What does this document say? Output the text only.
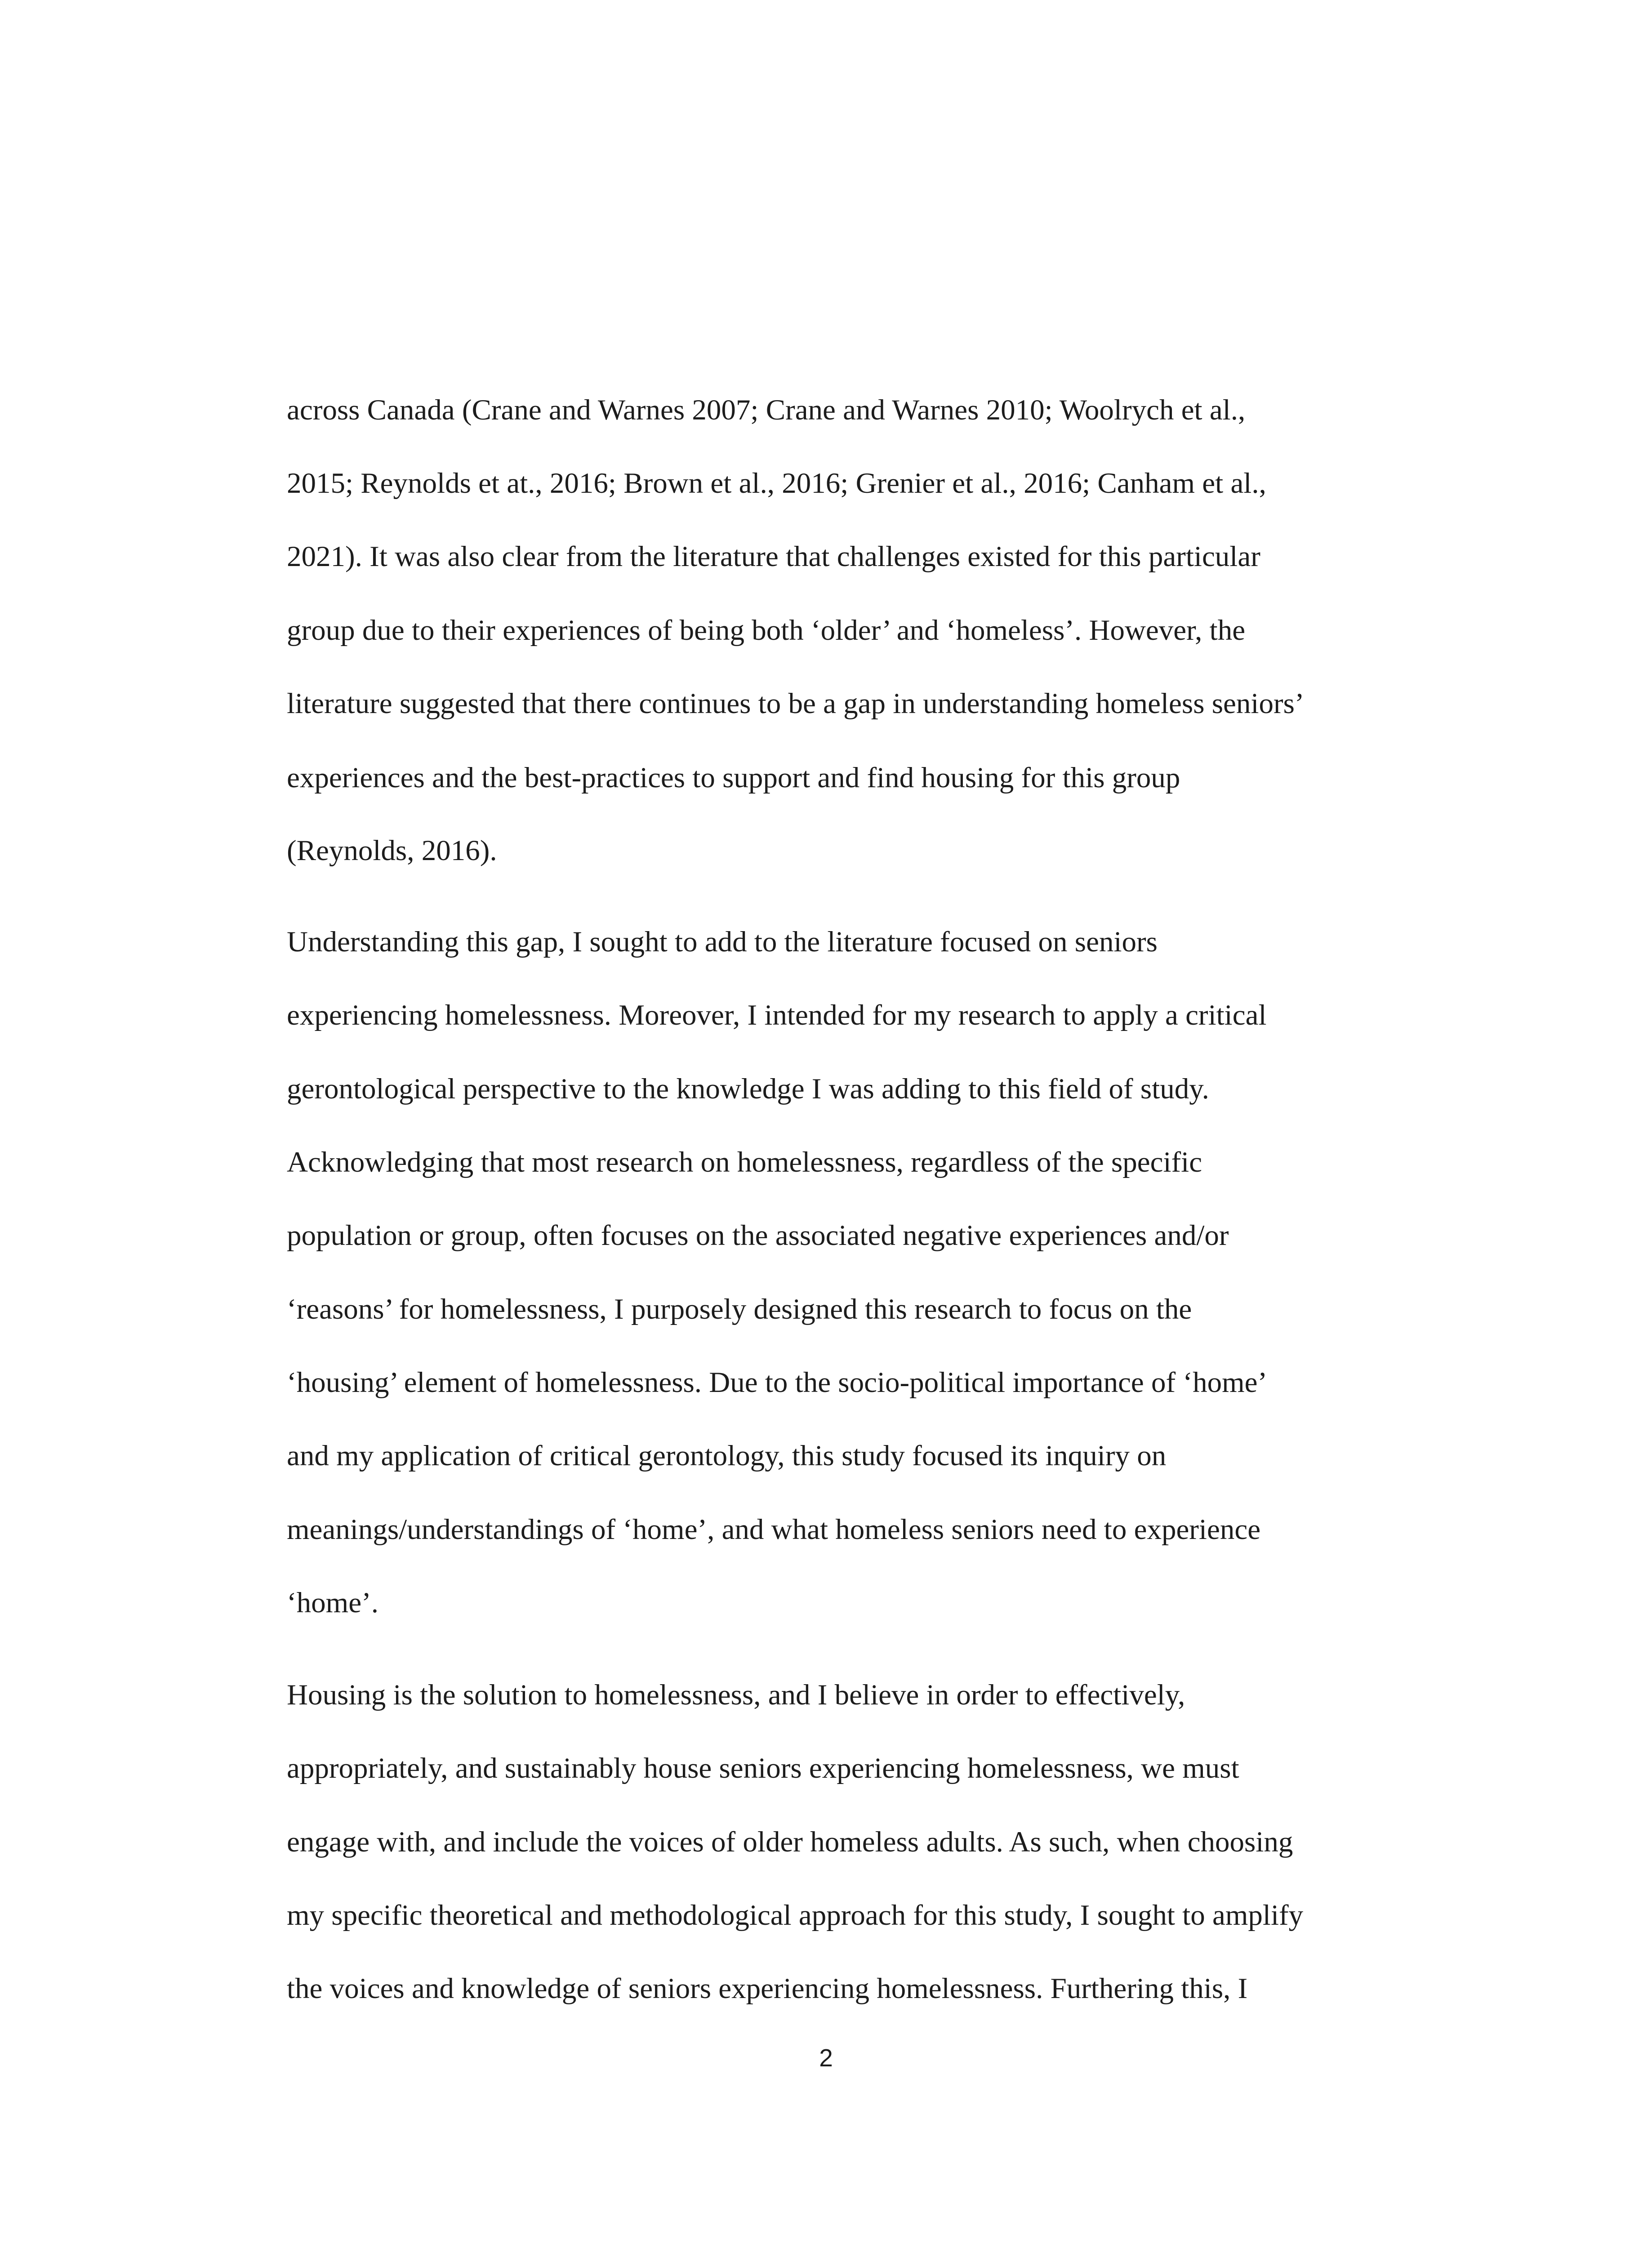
across Canada (Crane and Warnes 2007; Crane and Warnes 2010; Woolrych et al.,
2015; Reynolds et at., 2016; Brown et al., 2016; Grenier et al., 2016; Canham et al.,
2021). It was also clear from the literature that challenges existed for this particular
group due to their experiences of being both ‘older’ and ‘homeless’. However, the
literature suggested that there continues to be a gap in understanding homeless seniors’
experiences and the best-practices to support and find housing for this group
(Reynolds, 2016).
Understanding this gap, I sought to add to the literature focused on seniors
experiencing homelessness. Moreover, I intended for my research to apply a critical
gerontological perspective to the knowledge I was adding to this field of study.
Acknowledging that most research on homelessness, regardless of the specific
population or group, often focuses on the associated negative experiences and/or
‘reasons’ for homelessness, I purposely designed this research to focus on the
‘housing’ element of homelessness. Due to the socio-political importance of ‘home’
and my application of critical gerontology, this study focused its inquiry on
meanings/understandings of ‘home’, and what homeless seniors need to experience
‘home’.
Housing is the solution to homelessness, and I believe in order to effectively,
appropriately, and sustainably house seniors experiencing homelessness, we must
engage with, and include the voices of older homeless adults. As such, when choosing
my specific theoretical and methodological approach for this study, I sought to amplify
the voices and knowledge of seniors experiencing homelessness. Furthering this, I
2
